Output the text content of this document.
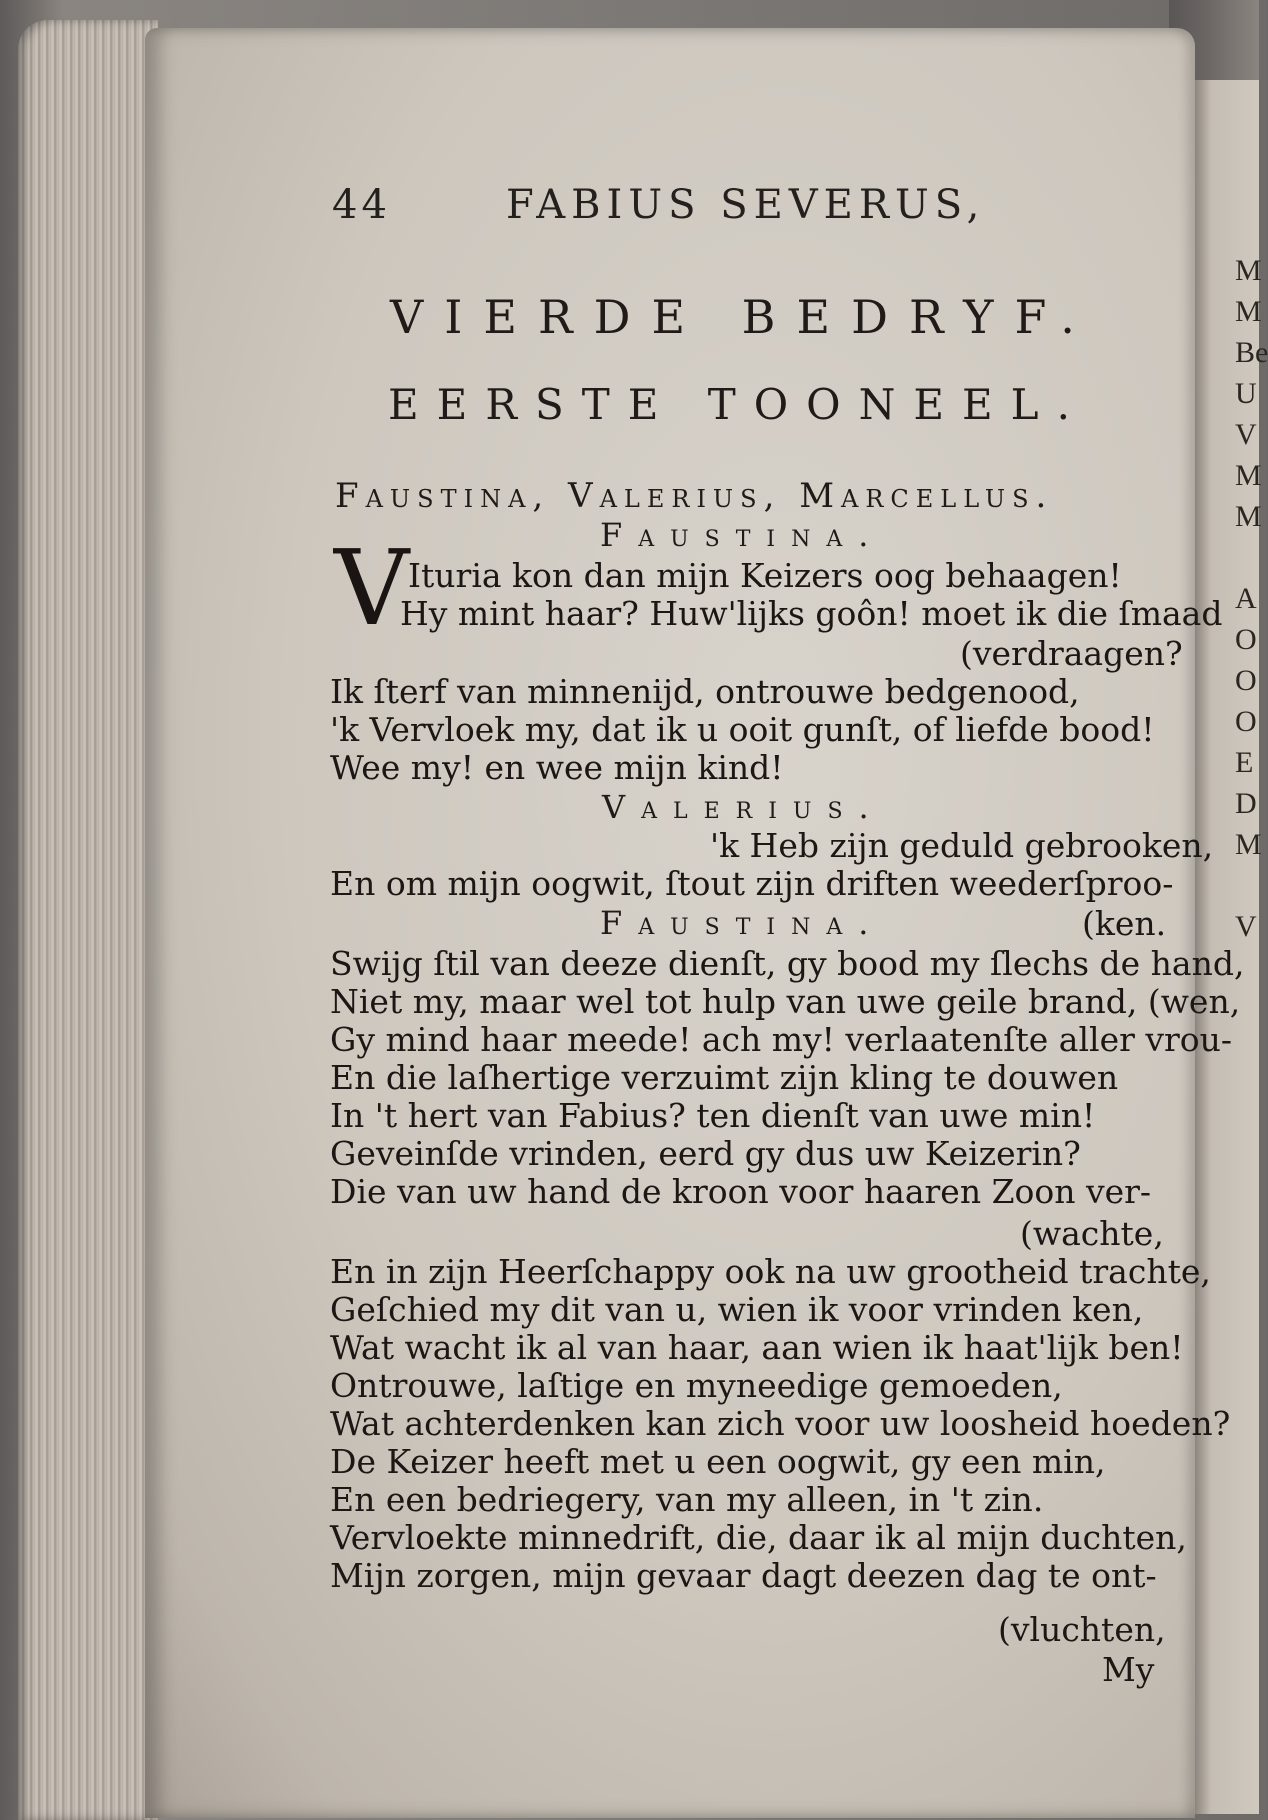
M
M
Be
U
V
M
M

A
O
O
O
E
D
M

V
44	FABIUS SEVERUS,
VIERDE BEDRYF.
EERSTE TOONEEL.
Faustina, Valerius, Marcellus.
Faustina.
V
Ituria kon dan mijn Keizers oog behaagen!
Hy mint haar? Huw'lijks goôn! moet ik die ſmaad
(verdraagen?
Ik ſterf van minnenijd, ontrouwe bedgenood,
'k Vervloek my, dat ik u ooit gunſt, of liefde bood!
Wee my! en wee mijn kind!
Valerius.
'k Heb zijn geduld gebrooken,
En om mijn oogwit, ſtout zijn driften weederſproo-
Faustina.	(ken.
Swijg ſtil van deeze dienſt, gy bood my ſlechs de hand,
Niet my, maar wel tot hulp van uwe geile brand, (wen,
Gy mind haar meede! ach my! verlaatenſte aller vrou-
En die laſhertige verzuimt zijn kling te douwen
In 't hert van Fabius? ten dienſt van uwe min!
Geveinſde vrinden, eerd gy dus uw Keizerin?
Die van uw hand de kroon voor haaren Zoon ver-
(wachte,
En in zijn Heerſchappy ook na uw grootheid trachte,
Geſchied my dit van u, wien ik voor vrinden ken,
Wat wacht ik al van haar, aan wien ik haat'lijk ben!
Ontrouwe, laſtige en myneedige gemoeden,
Wat achterdenken kan zich voor uw loosheid hoeden?
De Keizer heeft met u een oogwit, gy een min,
En een bedriegery, van my alleen, in 't zin.
Vervloekte minnedrift, die, daar ik al mijn duchten,
Mijn zorgen, mijn gevaar dagt deezen dag te ont-
(vluchten,
My
